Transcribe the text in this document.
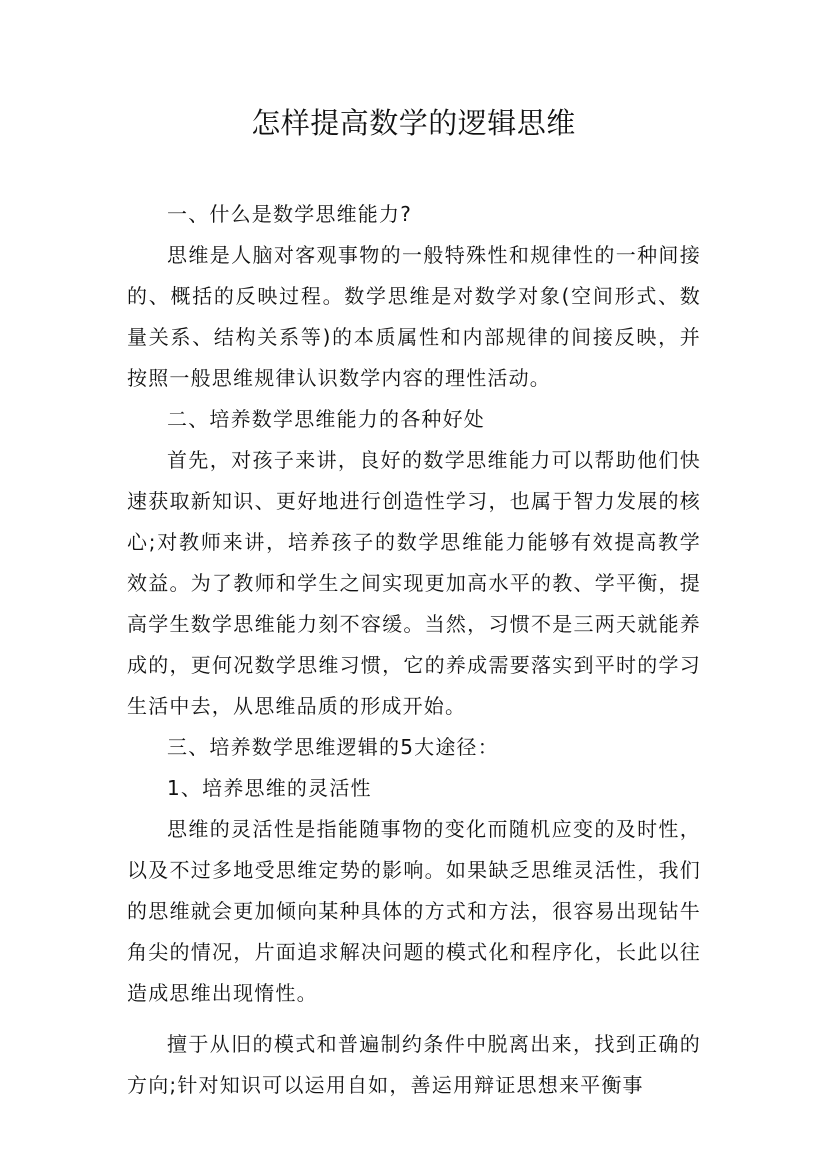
怎样提高数学的逻辑思维

一、什么是数学思维能力?

思维是人脑对客观事物的一般特殊性和规律性的一种间接的、概括的反映过程。数学思维是对数学对象(空间形式、数量关系、结构关系等)的本质属性和内部规律的间接反映，并按照一般思维规律认识数学内容的理性活动。

二、培养数学思维能力的各种好处

首先，对孩子来讲，良好的数学思维能力可以帮助他们快速获取新知识、更好地进行创造性学习，也属于智力发展的核心;对教师来讲，培养孩子的数学思维能力能够有效提高教学效益。为了教师和学生之间实现更加高水平的教、学平衡，提高学生数学思维能力刻不容缓。当然，习惯不是三两天就能养成的，更何况数学思维习惯，它的养成需要落实到平时的学习生活中去，从思维品质的形成开始。

三、培养数学思维逻辑的5大途径：

1、培养思维的灵活性

思维的灵活性是指能随事物的变化而随机应变的及时性，以及不过多地受思维定势的影响。如果缺乏思维灵活性，我们的思维就会更加倾向某种具体的方式和方法，很容易出现钻牛角尖的情况，片面追求解决问题的模式化和程序化，长此以往造成思维出现惰性。

擅于从旧的模式和普遍制约条件中脱离出来，找到正确的方向;针对知识可以运用自如，善运用辩证思想来平衡事
